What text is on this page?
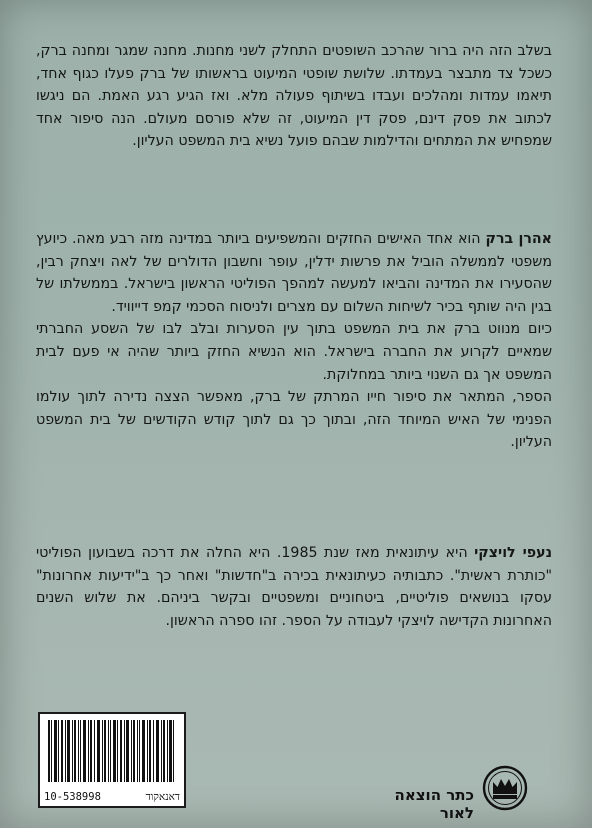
בשלב הזה היה ברור שהרכב השופטים התחלק לשני מחנות. מחנה שמגר ומחנה ברק, כשכל צד מתבצר בעמדתו. שלושת שופטי המיעוט בראשותו של ברק פעלו כגוף אחד, תיאמו עמדות ומהלכים ועבדו בשיתוף פעולה מלא. ואז הגיע רגע האמת. הם ניגשו לכתוב את פסק דינם, פסק דין המיעוט, זה שלא פורסם מעולם. הנה סיפור אחד שמפחיש את המתחים והדילמות שבהם פועל נשיא בית המשפט העליון.

אהרן ברק הוא אחד האישים החזקים והמשפיעים ביותר במדינה מזה רבע מאה. כיועץ משפטי לממשלה הוביל את פרשות ידלין, עופר וחשבון הדולרים של לאה ויצחק רבין, שהסעירו את המדינה והביאו למעשה למהפך הפוליטי הראשון בישראל. בממשלתו של בגין היה שותף בכיר לשיחות השלום עם מצרים ולניסוח הסכמי קמפ דייוויד.

כיום מנווט ברק את בית המשפט בתוך עין הסערות ובלב לבו של השסע החברתי שמאיים לקרוע את החברה בישראל. הוא הנשיא החזק ביותר שהיה אי פעם לבית המשפט אך גם השנוי ביותר במחלוקת.

הספר, המתאר את סיפור חייו המרתק של ברק, מאפשר הצצה נדירה לתוך עולמו הפנימי של האיש המיוחד הזה, ובתוך כך גם לתוך קודש הקודשים של בית המשפט העליון.

נעפי לויצקי היא עיתונאית מאז שנת 1985. היא החלה את דרכה בשבועון הפוליטי "כותרת ראשית". כתבותיה כעיתונאית בכירה ב"חדשות" ואחר כך ב"ידיעות אחרונות" עסקו בנושאים פוליטיים, ביטחוניים ומשפטיים ובקשר ביניהם. את שלוש השנים האחרונות הקדישה לויצקי לעבודה על הספר. זהו ספרה הראשון.

10-538998	דאנאקוד	כתר הוצאה לאור
